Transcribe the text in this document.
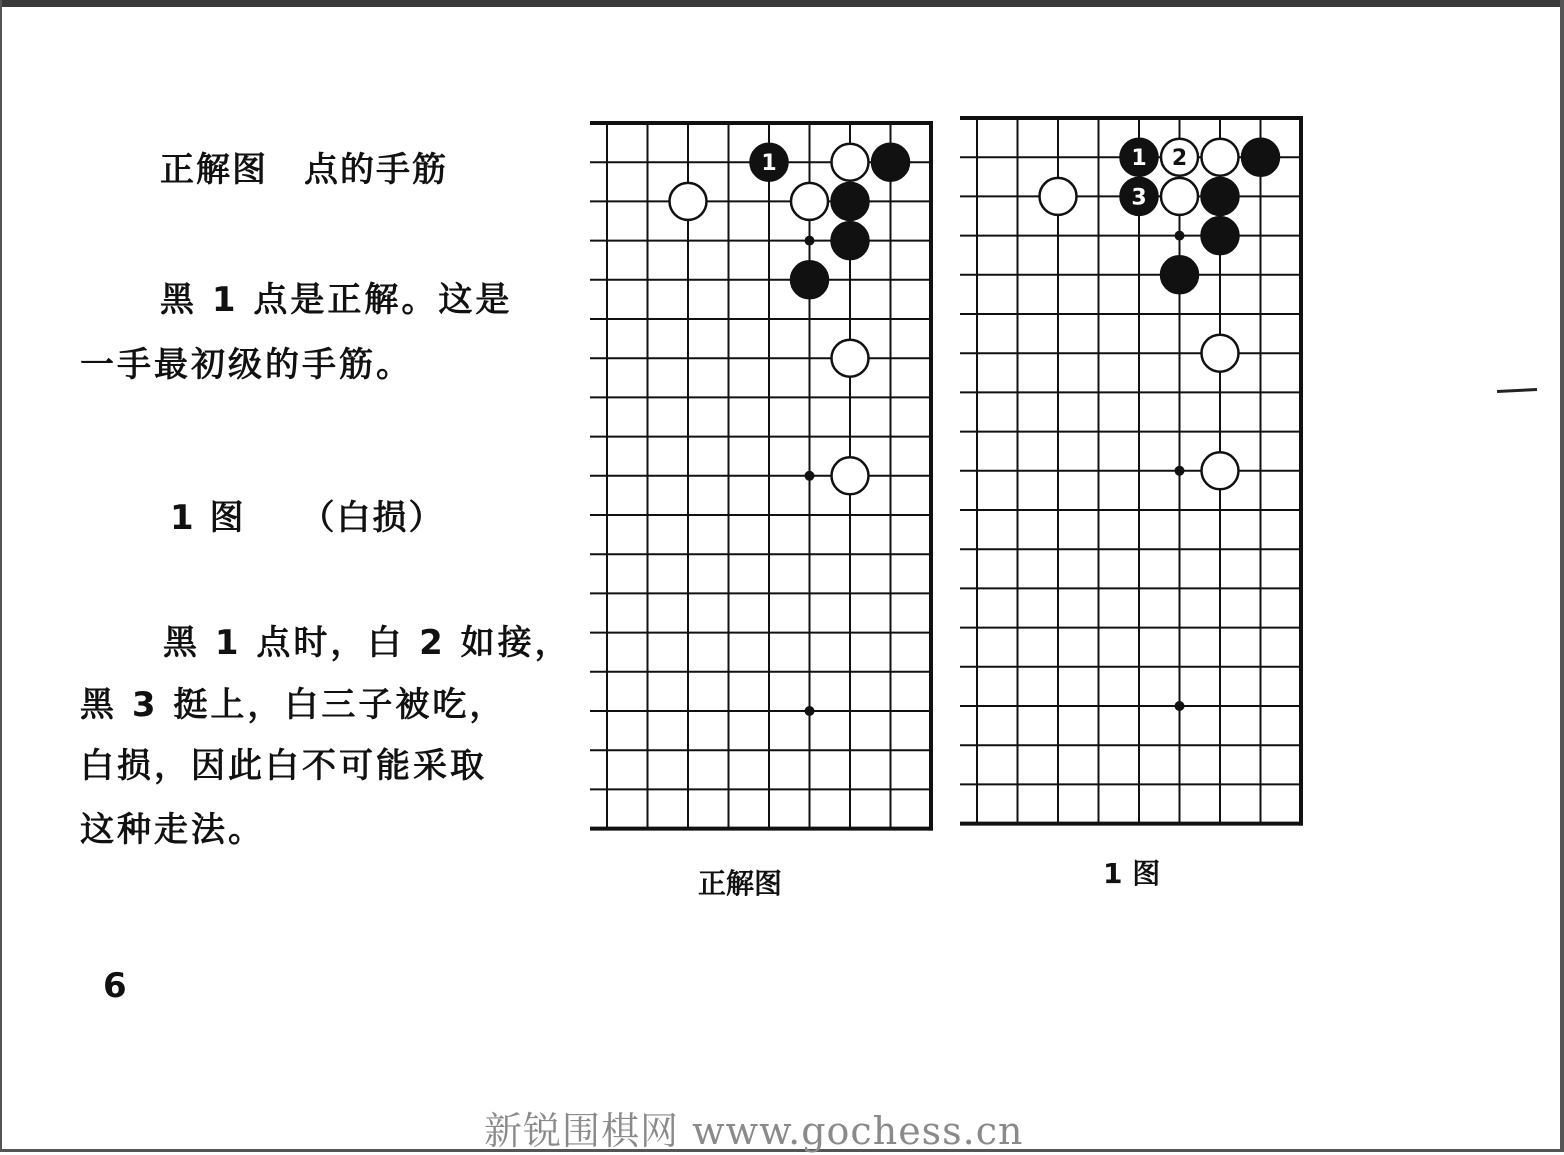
正解图　点的手筋
黑 1 点是正解。这是
一手最初级的手筋。
1 图　　（白损）
黑 1 点时，白 2 如接，
黑 3 挺上，白三子被吃，
白损，因此白不可能采取
这种走法。
1	1 2
3
正解图	1 图
6
新锐围棋网 www.gochess.cn
